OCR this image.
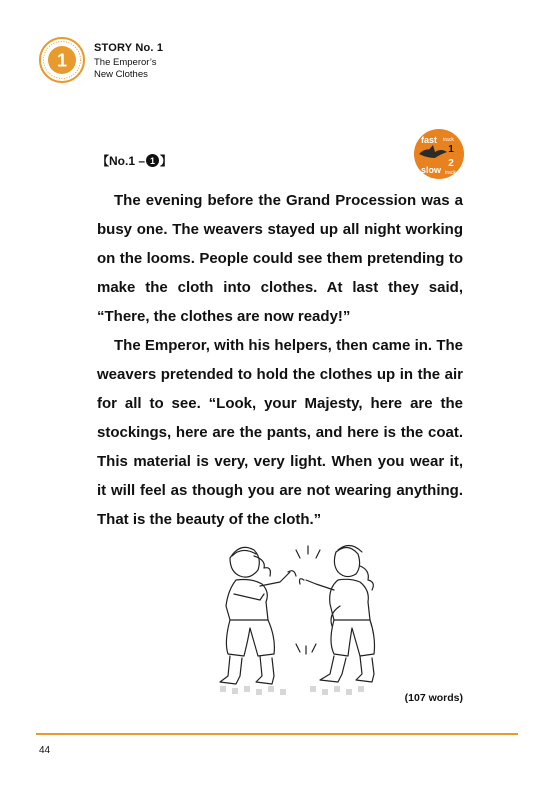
1
STORY No. 1
The Emperor’s
New Clothes
【No.1 – 1 】
fast track
1
2
slow track

The evening before the Grand Procession was a busy one. The weavers stayed up all night working on the looms. People could see them pretending to make the cloth into clothes. At last they said, “There, the clothes are now ready!”

The Emperor, with his helpers, then came in. The weavers pretended to hold the clothes up in the air for all to see. “Look, your Majesty, here are the stockings, here are the pants, and here is the coat. This material is very, very light. When you wear it, it will feel as though you are not wearing anything. That is the beauty of the cloth.”

(107 words)
44
